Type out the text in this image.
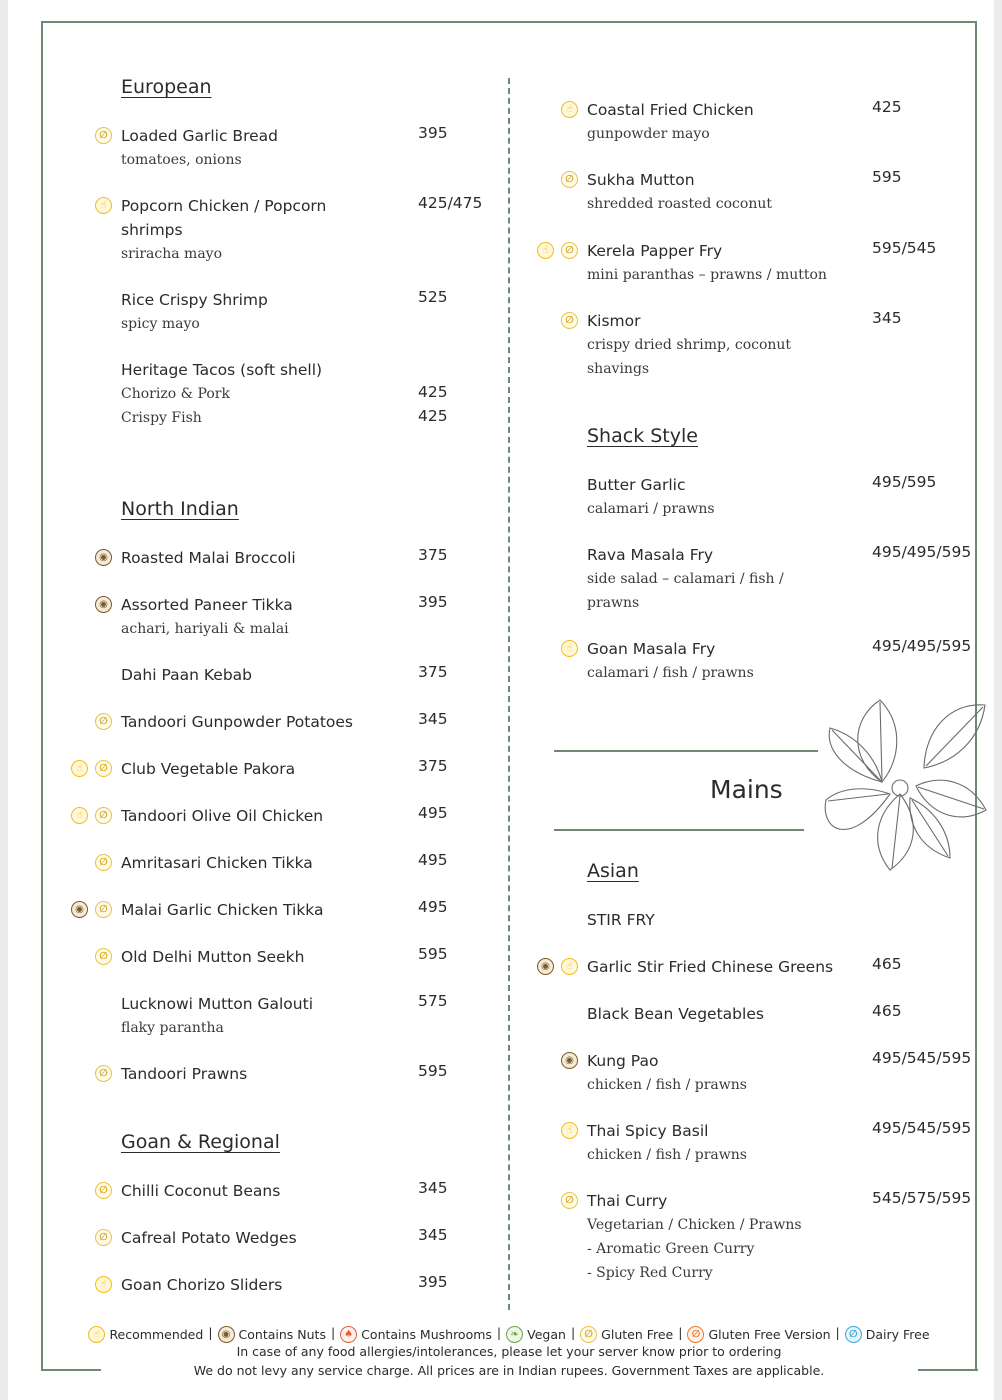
European
Loaded Garlic Bread	395
∅
tomatoes, onions
Popcorn Chicken / Popcorn	425/475
☝
shrimps
sriracha mayo
Rice Crispy Shrimp	525
spicy mayo
Heritage Tacos (soft shell)
Chorizo & Pork	425
Crispy Fish	425
North Indian
Roasted Malai Broccoli	375
◉
Assorted Paneer Tikka	395
◉
achari, hariyali & malai
Dahi Paan Kebab	375
Tandoori Gunpowder Potatoes	345
∅
Club Vegetable Pakora	375
∅
☝
Tandoori Olive Oil Chicken	495
∅
☝
Amritasari Chicken Tikka	495
∅
Malai Garlic Chicken Tikka	495
∅
◉
Old Delhi Mutton Seekh	595
∅
Lucknowi Mutton Galouti	575
flaky parantha
Tandoori Prawns	595
∅
Goan & Regional
Chilli Coconut Beans	345
∅
Cafreal Potato Wedges	345
∅
Goan Chorizo Sliders	395
☝
Coastal Fried Chicken	425
☝
gunpowder mayo
Sukha Mutton	595
∅
shredded roasted coconut
Kerela Papper Fry	595/545
∅
☝
mini paranthas – prawns / mutton
Kismor	345
∅
crispy dried shrimp, coconut
shavings
Shack Style
Butter Garlic	495/595
calamari / prawns
Rava Masala Fry	495/495/595
side salad – calamari / fish /
prawns
Goan Masala Fry	495/495/595
☝
calamari / fish / prawns
Asian
STIR FRY
Garlic Stir Fried Chinese Greens	465
☝
◉
Black Bean Vegetables	465
Kung Pao	495/545/595
◉
chicken / fish / prawns
Thai Spicy Basil	495/545/595
☝
chicken / fish / prawns
Thai Curry	545/575/595
∅
Vegetarian / Chicken / Prawns
- Aromatic Green Curry
- Spicy Red Curry
Mains
☝ Recommended | ◉ Contains Nuts | ♠ Contains Mushrooms | ❧ Vegan | ∅ Gluten Free | ∅ Gluten Free Version | ∅ Dairy Free
In case of any food allergies/intolerances, please let your server know prior to ordering
We do not levy any service charge. All prices are in Indian rupees. Government Taxes are applicable.
